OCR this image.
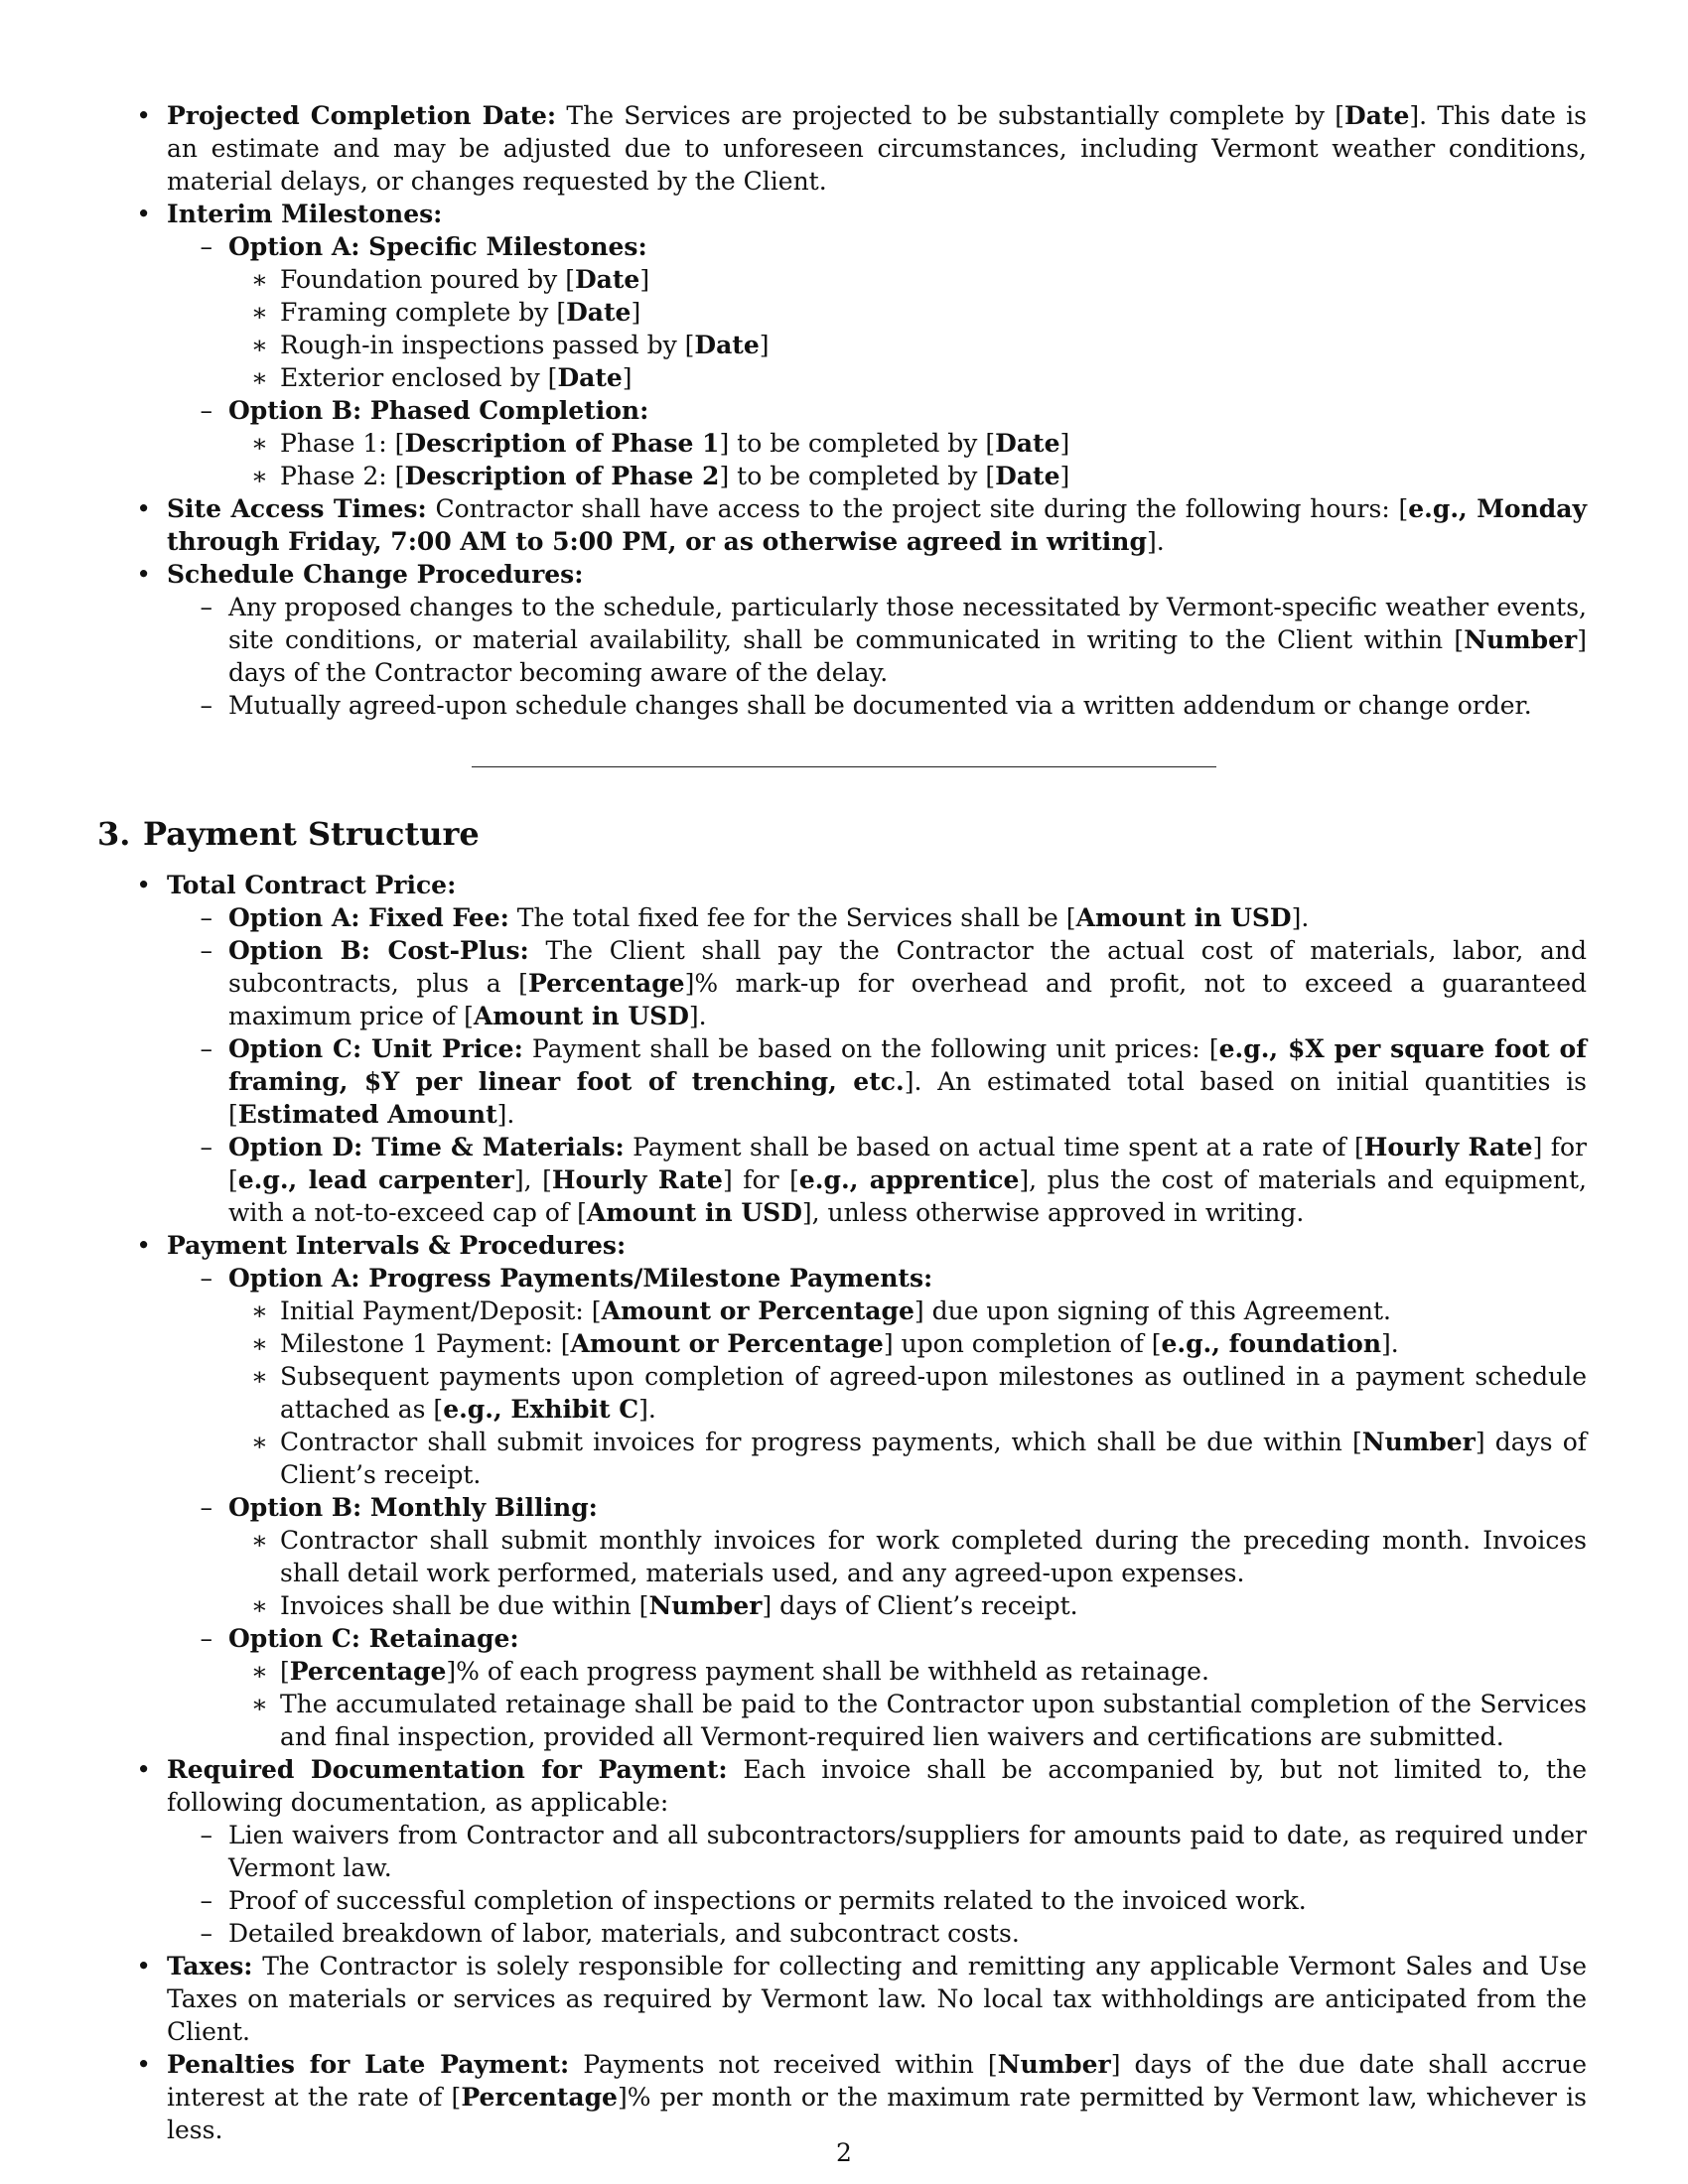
• Projected Completion Date: The Services are projected to be substantially complete by [Date]. This date is an estimate and may be adjusted due to unforeseen circumstances, including Vermont weather conditions, material delays, or changes requested by the Client.
• Interim Milestones:
– Option A: Specific Milestones:
∗ Foundation poured by [Date]
∗ Framing complete by [Date]
∗ Rough-in inspections passed by [Date]
∗ Exterior enclosed by [Date]
– Option B: Phased Completion:
∗ Phase 1: [Description of Phase 1] to be completed by [Date]
∗ Phase 2: [Description of Phase 2] to be completed by [Date]
• Site Access Times: Contractor shall have access to the project site during the following hours: [e.g., Monday through Friday, 7:00 AM to 5:00 PM, or as otherwise agreed in writing].
• Schedule Change Procedures:
– Any proposed changes to the schedule, particularly those necessitated by Vermont-specific weather events, site conditions, or material availability, shall be communicated in writing to the Client within [Number] days of the Contractor becoming aware of the delay.
– Mutually agreed-upon schedule changes shall be documented via a written addendum or change order.
3. Payment Structure
• Total Contract Price:
– Option A: Fixed Fee: The total fixed fee for the Services shall be [Amount in USD].
– Option B: Cost-Plus: The Client shall pay the Contractor the actual cost of materials, labor, and subcontracts, plus a [Percentage]% mark-up for overhead and profit, not to exceed a guaranteed maximum price of [Amount in USD].
– Option C: Unit Price: Payment shall be based on the following unit prices: [e.g., $X per square foot of framing, $Y per linear foot of trenching, etc.]. An estimated total based on initial quantities is [Estimated Amount].
– Option D: Time & Materials: Payment shall be based on actual time spent at a rate of [Hourly Rate] for [e.g., lead carpenter], [Hourly Rate] for [e.g., apprentice], plus the cost of materials and equipment, with a not-to-exceed cap of [Amount in USD], unless otherwise approved in writing.
• Payment Intervals & Procedures:
– Option A: Progress Payments/Milestone Payments:
∗ Initial Payment/Deposit: [Amount or Percentage] due upon signing of this Agreement.
∗ Milestone 1 Payment: [Amount or Percentage] upon completion of [e.g., foundation].
∗ Subsequent payments upon completion of agreed-upon milestones as outlined in a payment schedule attached as [e.g., Exhibit C].
∗ Contractor shall submit invoices for progress payments, which shall be due within [Number] days of Client’s receipt.
– Option B: Monthly Billing:
∗ Contractor shall submit monthly invoices for work completed during the preceding month. Invoices shall detail work performed, materials used, and any agreed-upon expenses.
∗ Invoices shall be due within [Number] days of Client’s receipt.
– Option C: Retainage:
∗ [Percentage]% of each progress payment shall be withheld as retainage.
∗ The accumulated retainage shall be paid to the Contractor upon substantial completion of the Services and final inspection, provided all Vermont-required lien waivers and certifications are submitted.
• Required Documentation for Payment: Each invoice shall be accompanied by, but not limited to, the following documentation, as applicable:
– Lien waivers from Contractor and all subcontractors/suppliers for amounts paid to date, as required under Vermont law.
– Proof of successful completion of inspections or permits related to the invoiced work.
– Detailed breakdown of labor, materials, and subcontract costs.
• Taxes: The Contractor is solely responsible for collecting and remitting any applicable Vermont Sales and Use Taxes on materials or services as required by Vermont law. No local tax withholdings are anticipated from the Client.
• Penalties for Late Payment: Payments not received within [Number] days of the due date shall accrue interest at the rate of [Percentage]% per month or the maximum rate permitted by Vermont law, whichever is less.
2
